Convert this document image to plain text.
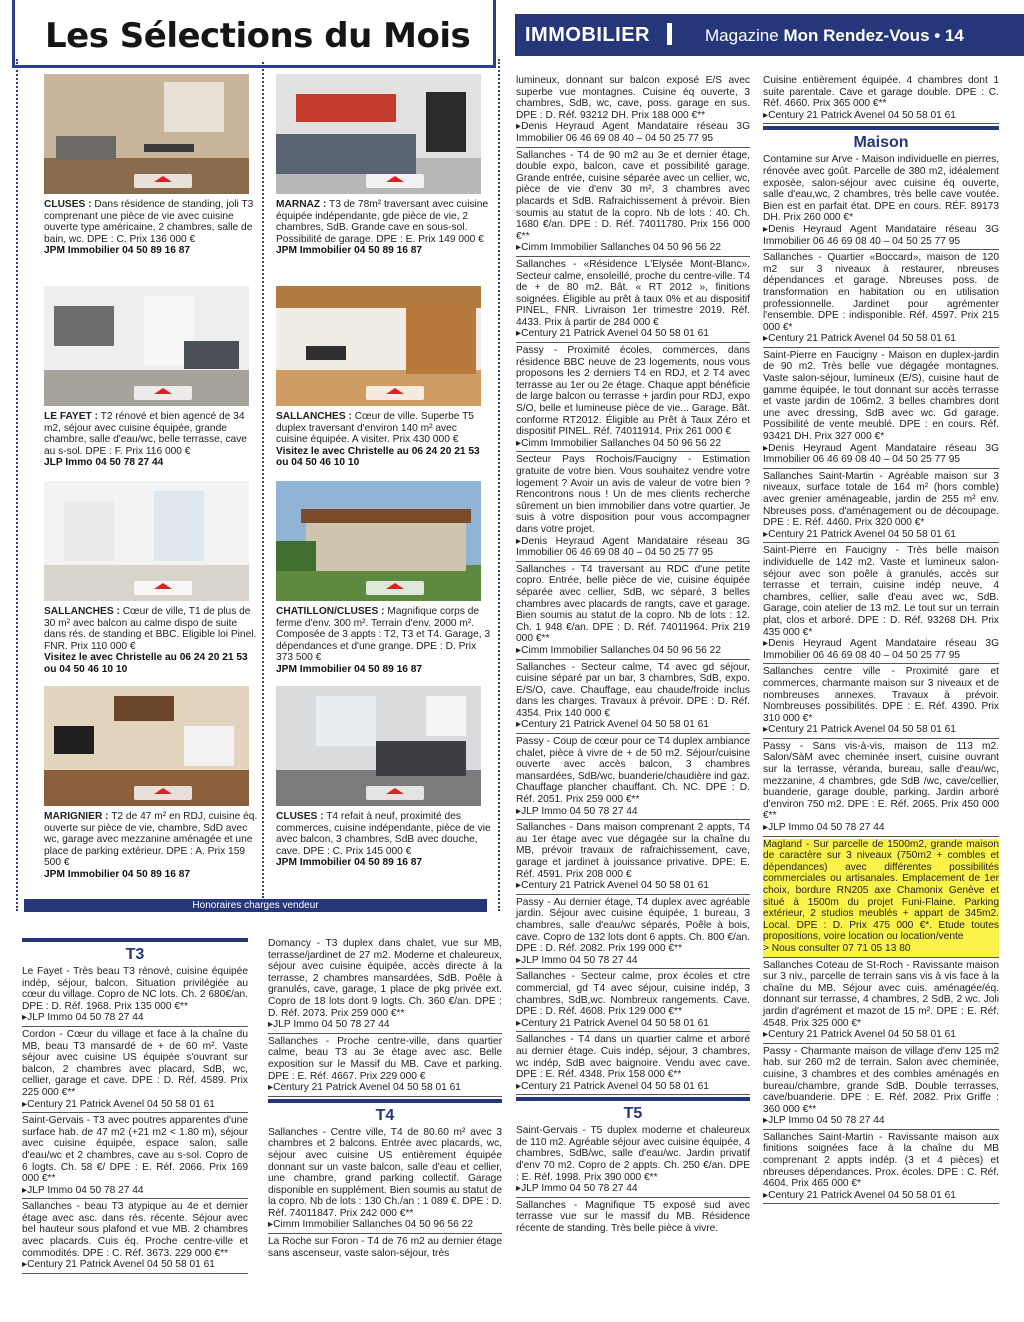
Les Sélections du Mois	IMMOBILIER	Magazine Mon Rendez-Vous • 14
CLUSES : Dans résidence de standing, joli T3 comprenant une pièce de vie avec cuisine ouverte type américaine, 2 chambres, salle de bain, wc. DPE : C. Prix 136 000 €
JPM Immobilier 04 50 89 16 87
MARNAZ : T3 de 78m² traversant avec cuisine équipée indépendante, gde pièce de vie, 2 chambres, SdB. Grande cave en sous-sol. Possibilité de garage. DPE : E. Prix 149 000 €
JPM Immobilier 04 50 89 16 87
LE FAYET : T2 rénové et bien agencé de 34 m2, séjour avec cuisine équipée, grande chambre, salle d'eau/wc, belle terrasse, cave au s-sol. DPE : F. Prix 116 000 €
JLP Immo 04 50 78 27 44
SALLANCHES : Cœur de ville. Superbe T5 duplex traversant d'environ 140 m² avec cuisine équipée. A visiter. Prix 430 000 €
Visitez le avec Christelle au 06 24 20 21 53 ou 04 50 46 10 10
SALLANCHES : Cœur de ville, T1 de plus de 30 m² avec balcon au calme dispo de suite dans rés. de standing et BBC. Eligible loi Pinel. FNR. Prix 110 000 €
Visitez le avec Christelle au 06 24 20 21 53 ou 04 50 46 10 10
CHATILLON/CLUSES : Magnifique corps de ferme d'env. 300 m². Terrain d'env. 2000 m². Composée de 3 appts : T2, T3 et T4. Garage, 3 dépendances et d'une grange. DPE : D. Prix 373 500 €
JPM Immobilier 04 50 89 16 87
MARIGNIER : T2 de 47 m² en RDJ, cuisine éq. ouverte sur pièce de vie, chambre, SdD avec wc, garage avec mezzanine aménagée et une place de parking extérieur. DPE : A. Prix 159 500 €
JPM Immobilier 04 50 89 16 87
CLUSES : T4 refait à neuf, proximité des commerces, cuisine indépendante, pièce de vie avec balcon, 3 chambres, SdB avec douche, cave. DPE : C. Prix 145 000 €
JPM Immobilier 04 50 89 16 87
Honoraires charges vendeur
T3
Le Fayet - Très beau T3 rénové, cuisine équipée indép, séjour, balcon. Situation privilégiée au cœur du village. Copro de NC lots. Ch. 2 680€/an. DPE : D. Réf. 1968. Prix 135 000 €**
▸JLP Immo 04 50 78 27 44
Cordon - Cœur du village et face à la chaîne du MB, beau T3 mansardé de + de 60 m². Vaste séjour avec cuisine US équipée s'ouvrant sur balcon, 2 chambres avec placard, SdB, wc, cellier, garage et cave. DPE : D. Réf. 4589. Prix 225 000 €**
▸Century 21 Patrick Avenel 04 50 58 01 61
Saint-Gervais - T3 avec poutres apparentes d'une surface hab. de 47 m2 (+21 m2 < 1.80 m), séjour avec cuisine équipée, espace salon, salle d'eau/wc et 2 chambres, cave au s-sol. Copro de 6 logts. Ch. 58 €/ DPE : E. Réf. 2066. Prix 169 000 €**
▸JLP Immo 04 50 78 27 44
Sallanches - beau T3 atypique au 4e et dernier étage avec asc. dans rés. récente. Séjour avec bel hauteur sous plafond et vue MB. 2 chambres avec placards. Cuis éq. Proche centre-ville et commodités. DPE : C. Réf. 3673. 229 000 €**
▸Century 21 Patrick Avenel 04 50 58 01 61
Domancy - T3 duplex dans chalet, vue sur MB, terrasse/jardinet de 27 m2. Moderne et chaleureux, séjour avec cuisine équipée, accès directe à la terrasse, 2 chambres mansardées, SdB. Poêle à granulés, cave, garage, 1 place de pkg privée ext. Copro de 18 lots dont 9 logts. Ch. 360 €/an. DPE : D. Réf. 2073. Prix 259 000 €**
▸JLP Immo 04 50 78 27 44
Sallanches - Proche centre-ville, dans quartier calme, beau T3 au 3e étage avec asc. Belle exposition sur le Massif du MB. Cave et parking. DPE : E. Réf. 4667. Prix 229 000 €
▸Century 21 Patrick Avenel 04 50 58 01 61
T4
Sallanches - Centre ville, T4 de 80.60 m² avec 3 chambres et 2 balcons. Entrée avec placards, wc, séjour avec cuisine US entièrement équipée donnant sur un vaste balcon, salle d'eau et cellier, une chambre, grand parking collectif. Garage disponible en supplément. Bien soumis au statut de la copro. Nb de lots : 130 Ch./an : 1 089 €. DPE : D. Réf. 74011847. Prix 242 000 €**
▸Cimm Immobilier Sallanches 04 50 96 56 22
La Roche sur Foron - T4 de 76 m2 au dernier étage sans ascenseur, vaste salon-séjour, très
lumineux, donnant sur balcon exposé E/S avec superbe vue montagnes. Cuisine éq ouverte, 3 chambres, SdB, wc, cave, poss. garage en sus. DPE : D. Réf. 93212 DH. Prix 188 000 €**
▸Denis Heyraud Agent Mandataire réseau 3G Immobilier 06 46 69 08 40 – 04 50 25 77 95
Sallanches - T4 de 90 m2 au 3e et dernier étage, double expo, balcon, cave et possibilité garage. Grande entrée, cuisine séparée avec un cellier, wc, pièce de vie d'env 30 m², 3 chambres avec placards et SdB. Rafraichissement à prévoir. Bien soumis au statut de la copro. Nb de lots : 40. Ch. 1680 €/an. DPE : D. Réf. 74011780. Prix 156 000 €**
▸Cimm Immobilier Sallanches 04 50 96 56 22
Sallanches - «Résidence L'Elysée Mont-Blanc». Secteur calme, ensoleillé, proche du centre-ville. T4 de + de 80 m2. Bât. « RT 2012 », finitions soignées. Éligible au prêt à taux 0% et au dispositif PINEL, FNR. Livraison 1er trimestre 2019. Réf. 4433. Prix à partir de 284 000 €
▸Century 21 Patrick Avenel 04 50 58 01 61
Passy - Proximité écoles, commerces, dans résidence BBC neuve de 23 logements, nous vous proposons les 2 derniers T4 en RDJ, et 2 T4 avec terrasse au 1er ou 2e étage. Chaque appt bénéficie de large balcon ou terrasse + jardin pour RDJ, expo S/O, belle et lumineuse pièce de vie... Garage. Bât. conforme RT2012. Éligible au Prêt à Taux Zéro et dispositif PINEL. Réf. 74011914. Prix 261 000 €
▸Cimm Immobilier Sallanches 04 50 96 56 22
Secteur Pays Rochois/Faucigny - Estimation gratuite de votre bien. Vous souhaitez vendre votre logement ? Avoir un avis de valeur de votre bien ? Rencontrons nous ! Un de mes clients recherche sûrement un bien immobilier dans votre quartier. Je suis à votre disposition pour vous accompagner dans votre projet.
▸Denis Heyraud Agent Mandataire réseau 3G Immobilier 06 46 69 08 40 – 04 50 25 77 95
Sallanches - T4 traversant au RDC d'une petite copro. Entrée, belle pièce de vie, cuisine équipée séparée avec cellier, SdB, wc séparé, 3 belles chambres avec placards de rangts, cave et garage. Bien soumis au statut de la copro. Nb de lots : 12. Ch. 1 948 €/an. DPE : D. Réf. 74011964. Prix 219 000 €**
▸Cimm Immobilier Sallanches 04 50 96 56 22
Sallanches - Secteur calme, T4 avec gd séjour, cuisine séparé par un bar, 3 chambres, SdB, expo. E/S/O, cave. Chauffage, eau chaude/froide inclus dans les charges. Travaux à prévoir. DPE : D. Réf. 4354. Prix 140 000 €
▸Century 21 Patrick Avenel 04 50 58 01 61
Passy - Coup de cœur pour ce T4 duplex ambiance chalet, pièce à vivre de + de 50 m2. Séjour/cuisine ouverte avec accès balcon, 3 chambres mansardées, SdB/wc, buanderie/chaudière ind gaz. Chauffage plancher chauffant. Ch. NC. DPE : D. Réf. 2051. Prix 259 000 €**
▸JLP Immo 04 50 78 27 44
Sallanches - Dans maison comprenant 2 appts, T4 au 1er étage avec vue dégagée sur la chaîne du MB, prévoir travaux de rafraichissement, cave, garage et jardinet à jouissance privative. DPE: E. Réf. 4591. Prix 208 000 €
▸Century 21 Patrick Avenel 04 50 58 01 61
Passy - Au dernier étage, T4 duplex avec agréable jardin. Séjour avec cuisine équipée, 1 bureau, 3 chambres, salle d'eau/wc séparés, Poêle à bois, cave. Copro de 132 lots dont 6 appts. Ch. 800 €/an. DPE : D. Réf. 2082. Prix 199 000 €**
▸JLP Immo 04 50 78 27 44
Sallanches - Secteur calme, prox écoles et ctre commercial, gd T4 avec séjour, cuisine indép, 3 chambres, SdB,wc. Nombreux rangements. Cave. DPE : D. Réf. 4608. Prix 129 000 €**
▸Century 21 Patrick Avenel 04 50 58 01 61
Sallanches - T4 dans un quartier calme et arboré au dernier étage. Cuis indép, séjour, 3 chambres, wc indép, SdB avec baignoire. Vendu avec cave. DPE : E. Réf. 4348. Prix 158 000 €**
▸Century 21 Patrick Avenel 04 50 58 01 61
T5
Saint-Gervais - T5 duplex moderne et chaleureux de 110 m2. Agréable séjour avec cuisine équipée, 4 chambres, SdB/wc, salle d'eau/wc. Jardin privatif d'env 70 m2. Copro de 2 appts. Ch. 250 €/an. DPE : E. Réf. 1998. Prix 390 000 €**
▸JLP Immo 04 50 78 27 44
Sallanches - Magnifique T5 exposé sud avec terrasse vue sur le massif du MB. Résidence récente de standing. Très belle pièce à vivre.
Cuisine entièrement équipée. 4 chambres dont 1 suite parentale. Cave et garage double. DPE : C. Réf. 4660. Prix 365 000 €**
▸Century 21 Patrick Avenel 04 50 58 01 61
Maison
Contamine sur Arve - Maison individuelle en pierres, rénovée avec goût. Parcelle de 380 m2, idéalement exposée, salon-séjour avec cuisine éq ouverte, salle d'eau,wc, 2 chambres, très belle cave voutée. Bien est en parfait état. DPE en cours. RÉF. 89173 DH. Prix 260 000 €*
▸Denis Heyraud Agent Mandataire réseau 3G Immobilier 06 46 69 08 40 – 04 50 25 77 95
Sallanches - Quartier «Boccard», maison de 120 m2 sur 3 niveaux à restaurer, nbreuses dépendances et garage. Nbreuses poss. de transformation en habitation ou en utilisation professionnelle. Jardinet pour agrémenter l'ensemble. DPE : indisponible. Réf. 4597. Prix 215 000 €*
▸Century 21 Patrick Avenel 04 50 58 01 61
Saint-Pierre en Faucigny - Maison en duplex-jardin de 90 m2. Très belle vue dégagée montagnes. Vaste salon-séjour, lumineux (E/S), cuisine haut de gamme équipée, le tout donnant sur accès terrasse et vaste jardin de 106m2. 3 belles chambres dont une avec dressing, SdB avec wc. Gd garage. Possibilité de vente meublé. DPE : en cours. Réf. 93421 DH. Prix 327 000 €*
▸Denis Heyraud Agent Mandataire réseau 3G Immobilier 06 46 69 08 40 – 04 50 25 77 95
Sallanches Saint-Martin - Agréable maison sur 3 niveaux, surface totale de 164 m² (hors comble) avec grenier aménageable, jardin de 255 m² env. Nbreuses poss. d'aménagement ou de découpage. DPE : E. Réf. 4460. Prix 320 000 €*
▸Century 21 Patrick Avenel 04 50 58 01 61
Saint-Pierre en Faucigny - Très belle maison individuelle de 142 m2. Vaste et lumineux salon-séjour avec son poêle à granulés, accès sur terrasse et terrain, cuisine indép neuve, 4 chambres, cellier, salle d'eau avec wc, SdB. Garage, coin atelier de 13 m2. Le tout sur un terrain plat, clos et arboré. DPE : D. Réf. 93268 DH. Prix 435 000 €*
▸Denis Heyraud Agent Mandataire réseau 3G Immobilier 06 46 69 08 40 – 04 50 25 77 95
Sallanches centre ville - Proximité gare et commerces, charmante maison sur 3 niveaux et de nombreuses annexes. Travaux à prévoir. Nombreuses possibilités. DPE : E. Réf. 4390. Prix 310 000 €*
▸Century 21 Patrick Avenel 04 50 58 01 61
Passy - Sans vis-à-vis, maison de 113 m2. Salon/SàM avec cheminée insert, cuisine ouvrant sur la terrasse, véranda, bureau, salle d'eau/wc, mezzanine, 4 chambres, gde SdB /wc, cave/cellier, buanderie, garage double, parking. Jardin arboré d'environ 750 m2. DPE : E. Réf. 2065. Prix 450 000 €**
▸JLP Immo 04 50 78 27 44
Magland - Sur parcelle de 1500m2, grande maison de caractère sur 3 niveaux (750m2 + combles et dépendances) avec différentes possibilités commerciales ou artisanales. Emplacement de 1er choix, bordure RN205 axe Chamonix Genève et situé à 1500m du projet Funi-Flaine. Parking extérieur, 2 studios meublés + appart de 345m2. Local. DPE : D. Prix 475 000 €*. Etude toutes propositions, voire location ou location/vente
> Nous consulter 07 71 05 13 80
Sallanches Coteau de St-Roch - Ravissante maison sur 3 niv., parcelle de terrain sans vis à vis face à la chaîne du MB. Séjour avec cuis. aménagée/éq. donnant sur terrasse, 4 chambres, 2 SdB, 2 wc. Joli jardin d'agrément et mazot de 15 m². DPE : E. Réf. 4548. Prix 325 000 €*
▸Century 21 Patrick Avenel 04 50 58 01 61
Passy - Charmante maison de village d'env 125 m2 hab. sur 260 m2 de terrain. Salon avec cheminée, cuisine, 3 chambres et des combles aménagés en bureau/chambre, grande SdB. Double terrasses, cave/buanderie. DPE : E. Réf. 2082. Prix Griffe : 360 000 €**
▸JLP Immo 04 50 78 27 44
Sallanches Saint-Martin - Ravissante maison aux finitions soignées face à la chaîne du MB comprenant 2 appts indép. (3 et 4 pièces) et nbreuses dépendances. Prox. écoles. DPE : C. Réf. 4604. Prix 465 000 €*
▸Century 21 Patrick Avenel 04 50 58 01 61
